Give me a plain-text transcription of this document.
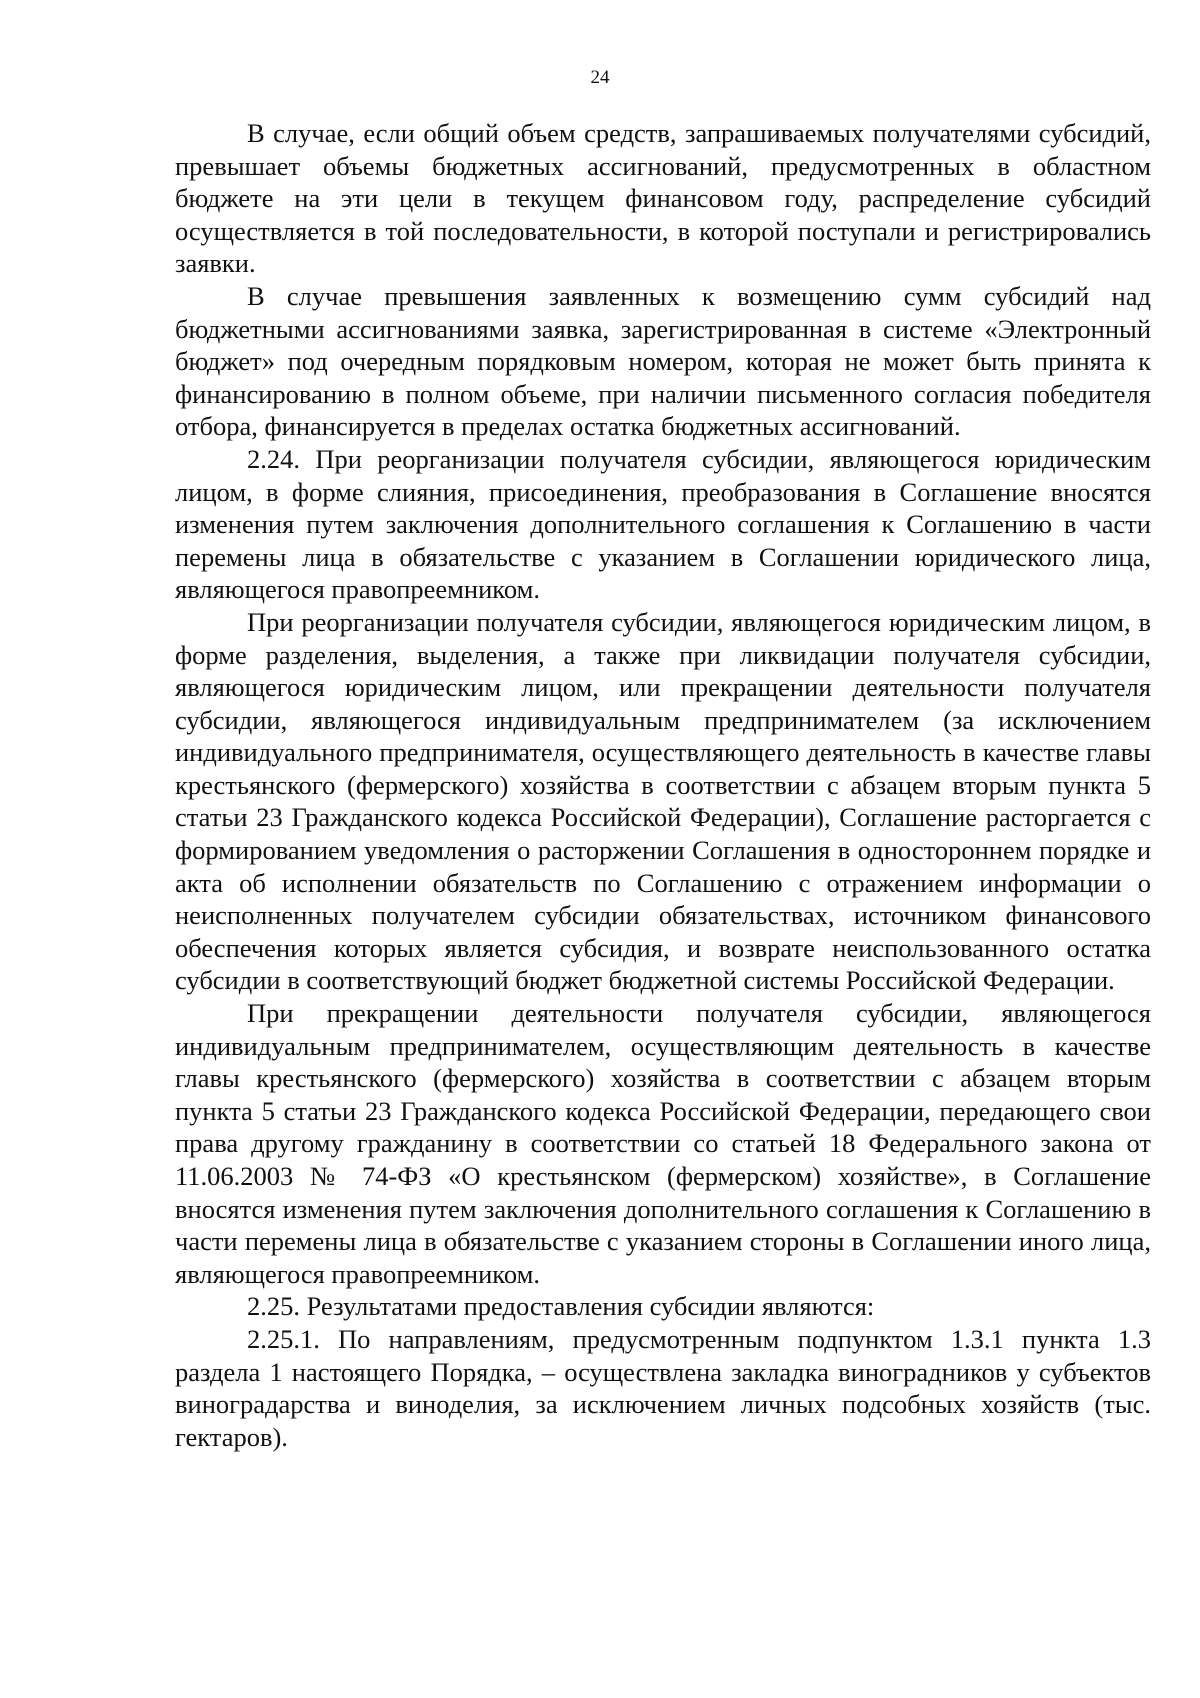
24

В случае, если общий объем средств, запрашиваемых получателями субсидий, превышает объемы бюджетных ассигнований, предусмотренных в областном бюджете на эти цели в текущем финансовом году, распределение субсидий осуществляется в той последовательности, в которой поступали и регистрировались заявки.

В случае превышения заявленных к возмещению сумм субсидий над бюджетными ассигнованиями заявка, зарегистрированная в системе «Электронный бюджет» под очередным порядковым номером, которая не может быть принята к финансированию в полном объеме, при наличии письменного согласия победителя отбора, финансируется в пределах остатка бюджетных ассигнований.

2.24. При реорганизации получателя субсидии, являющегося юридическим лицом, в форме слияния, присоединения, преобразования в Соглашение вносятся изменения путем заключения дополнительного соглашения к Соглашению в части перемены лица в обязательстве с указанием в Соглашении юридического лица, являющегося правопреемником.

При реорганизации получателя субсидии, являющегося юридическим лицом, в форме разделения, выделения, а также при ликвидации получателя субсидии, являющегося юридическим лицом, или прекращении деятельности получателя субсидии, являющегося индивидуальным предпринимателем (за исключением индивидуального предпринимателя, осуществляющего деятельность в качестве главы крестьянского (фермерского) хозяйства в соответствии с абзацем вторым пункта 5 статьи 23 Гражданского кодекса Российской Федерации), Соглашение расторгается с формированием уведомления о расторжении Соглашения в одностороннем порядке и акта об исполнении обязательств по Соглашению с отражением информации о неисполненных получателем субсидии обязательствах, источником финансового обеспечения которых является субсидия, и возврате неиспользованного остатка субсидии в соответствующий бюджет бюджетной системы Российской Федерации.

При прекращении деятельности получателя субсидии, являющегося индивидуальным предпринимателем, осуществляющим деятельность в качестве главы крестьянского (фермерского) хозяйства в соответствии с абзацем вторым пункта 5 статьи 23 Гражданского кодекса Российской Федерации, передающего свои права другому гражданину в соответствии со статьей 18 Федерального закона от 11.06.2003 № 74-ФЗ «О крестьянском (фермерском) хозяйстве», в Соглашение вносятся изменения путем заключения дополнительного соглашения к Соглашению в части перемены лица в обязательстве с указанием стороны в Соглашении иного лица, являющегося правопреемником.

2.25. Результатами предоставления субсидии являются:

2.25.1. По направлениям, предусмотренным подпунктом 1.3.1 пункта 1.3 раздела 1 настоящего Порядка, – осуществлена закладка виноградников у субъектов виноградарства и виноделия, за исключением личных подсобных хозяйств (тыс. гектаров).
